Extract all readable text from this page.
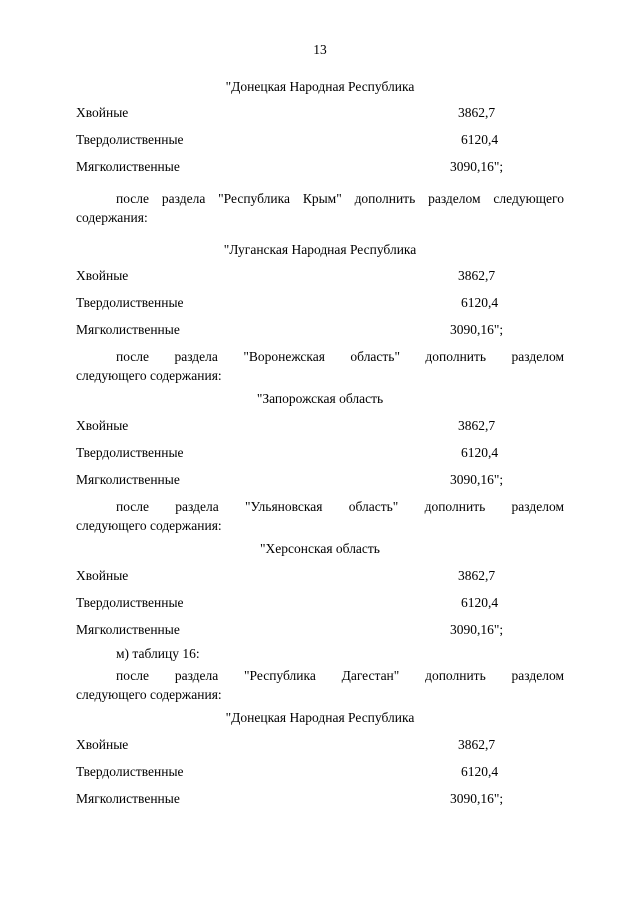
13
"Донецкая Народная Республика
Хвойные	3862,7
Твердолиственные	6120,4
Мягколиственные	3090,16";
после раздела "Республика Крым" дополнить разделом следующего
содержания:
"Луганская Народная Республика
Хвойные	3862,7
Твердолиственные	6120,4
Мягколиственные	3090,16";
после раздела "Воронежская область" дополнить разделом
следующего содержания:
"Запорожская область
Хвойные	3862,7
Твердолиственные	6120,4
Мягколиственные	3090,16";
после раздела "Ульяновская область" дополнить разделом
следующего содержания:
"Херсонская область
Хвойные	3862,7
Твердолиственные	6120,4
Мягколиственные	3090,16";
м) таблицу 16:
после раздела "Республика Дагестан" дополнить разделом
следующего содержания:
"Донецкая Народная Республика
Хвойные	3862,7
Твердолиственные	6120,4
Мягколиственные	3090,16";
